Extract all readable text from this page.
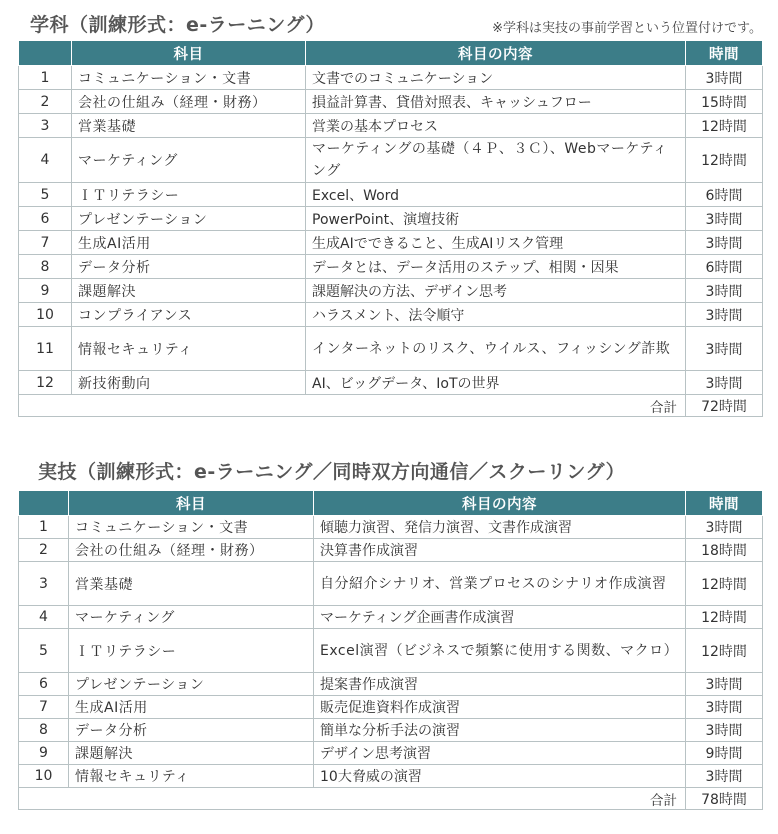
学科（訓練形式：e-ラーニング）	※学科は実技の事前学習という位置付けです。
	科目	科目の内容	時間
1	コミュニケーション・文書	文書でのコミュニケーション	3時間
2	会社の仕組み（経理・財務）	損益計算書、貸借対照表、キャッシュフロー	15時間
3	営業基礎	営業の基本プロセス	12時間
4	マーケティング	マーケティングの基礎（４Ｐ、３Ｃ）、Webマーケティング	12時間
5	ＩＴリテラシー	Excel、Word	6時間
6	プレゼンテーション	PowerPoint、演壇技術	3時間
7	生成AI活用	生成AIでできること、生成AIリスク管理	3時間
8	データ分析	データとは、データ活用のステップ、相関・因果	6時間
9	課題解決	課題解決の方法、デザイン思考	3時間
10	コンプライアンス	ハラスメント、法令順守	3時間
11	情報セキュリティ	インターネットのリスク、ウイルス、フィッシング詐欺	3時間
12	新技術動向	AI、ビッグデータ、IoTの世界	3時間
合計			72時間
実技（訓練形式：e-ラーニング／同時双方向通信／スクーリング）
	科目	科目の内容	時間
1	コミュニケーション・文書	傾聴力演習、発信力演習、文書作成演習	3時間
2	会社の仕組み（経理・財務）	決算書作成演習	18時間
3	営業基礎	自分紹介シナリオ、営業プロセスのシナリオ作成演習	12時間
4	マーケティング	マーケティング企画書作成演習	12時間
5	ＩＴリテラシー	Excel演習（ビジネスで頻繁に使用する関数、マクロ）	12時間
6	プレゼンテーション	提案書作成演習	3時間
7	生成AI活用	販売促進資料作成演習	3時間
8	データ分析	簡単な分析手法の演習	3時間
9	課題解決	デザイン思考演習	9時間
10	情報セキュリティ	10大脅威の演習	3時間
合計			78時間
